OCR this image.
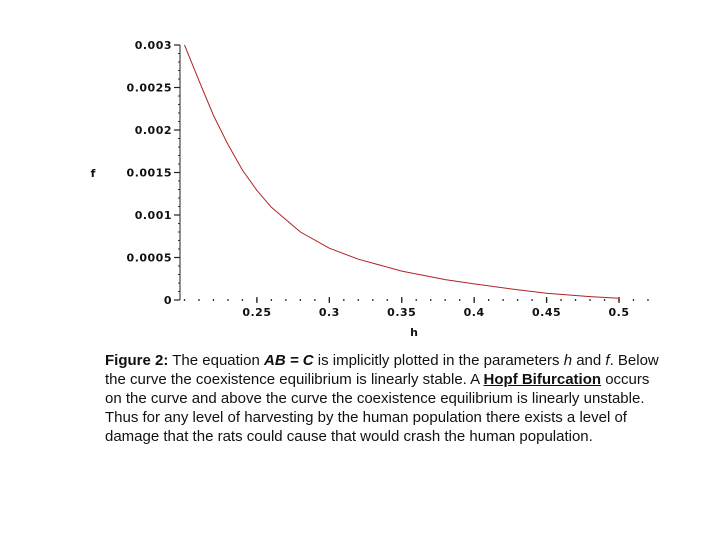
0
0.0005
0.001
0.0015
0.002
0.0025
0.003
0.25	0.3	0.35	0.4	0.45	0.5
f
h
Figure 2: The equation AB = C is implicitly plotted in the parameters h and f. Below the curve the coexistence equilibrium is linearly stable. A Hopf Bifurcation occurs on the curve and above the curve the coexistence equilibrium is linearly unstable. Thus for any level of harvesting by the human population there exists a level of damage that the rats could cause that would crash the human population.
